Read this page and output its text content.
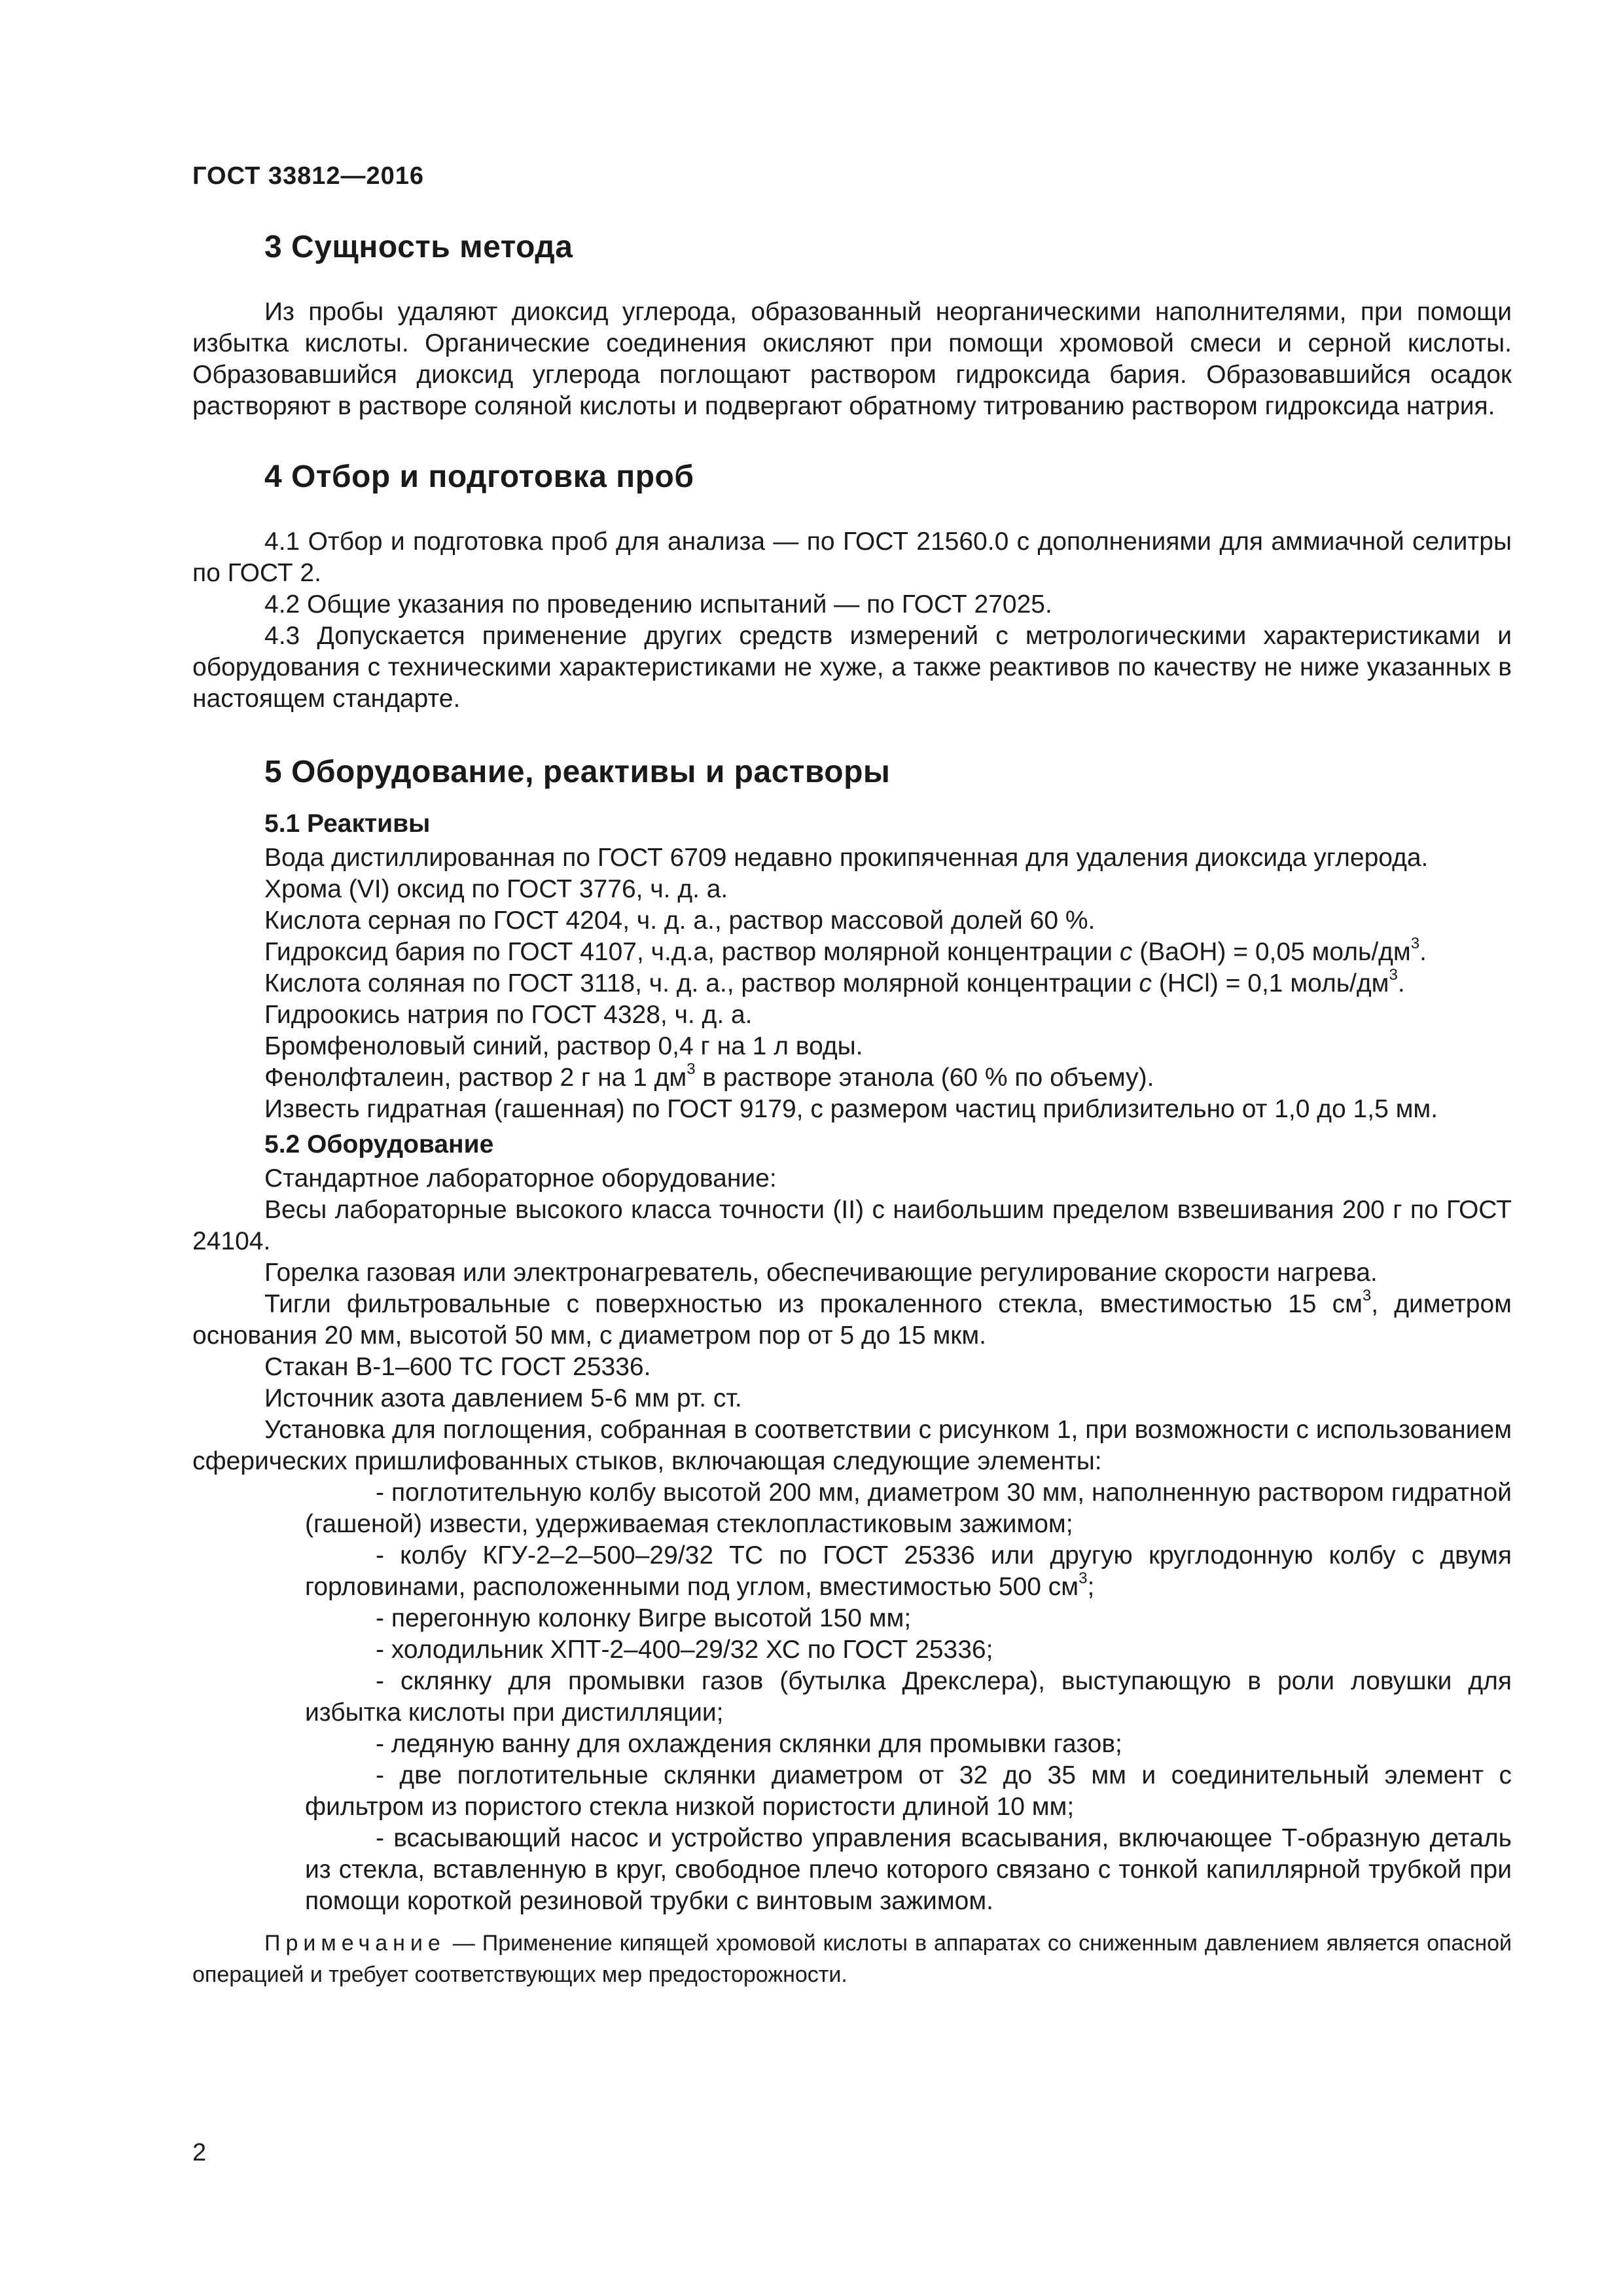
ГОСТ 33812—2016
3 Сущность метода

Из пробы удаляют диоксид углерода, образованный неорганическими наполнителями, при помощи избытка кислоты. Органические соединения окисляют при помощи хромовой смеси и серной кислоты. Образовавшийся диоксид углерода поглощают раствором гидроксида бария. Образовавшийся осадок растворяют в растворе соляной кислоты и подвергают обратному титрованию раствором гидроксида натрия.

4 Отбор и подготовка проб

4.1 Отбор и подготовка проб для анализа — по ГОСТ 21560.0 с дополнениями для аммиачной селитры по ГОСТ 2.

4.2 Общие указания по проведению испытаний — по ГОСТ 27025.

4.3 Допускается применение других средств измерений с метрологическими характеристиками и оборудования с техническими характеристиками не хуже, а также реактивов по качеству не ниже указанных в настоящем стандарте.

5 Оборудование, реактивы и растворы
5.1 Реактивы

Вода дистиллированная по ГОСТ 6709 недавно прокипяченная для удаления диоксида углерода.

Хрома (VI) оксид по ГОСТ 3776, ч. д. а.

Кислота серная по ГОСТ 4204, ч. д. а., раствор массовой долей 60 %.

Гидроксид бария по ГОСТ 4107, ч.д.а, раствор молярной концентрации c (BaOH) = 0,05 моль/$дм^3$.

Кислота соляная по ГОСТ 3118, ч. д. а., раствор молярной концентрации c (HCl) = 0,1 моль/$дм^3$.

Гидроокись натрия по ГОСТ 4328, ч. д. а.

Бромфеноловый синий, раствор 0,4 г на 1 л воды.

Фенолфталеин, раствор 2 г на 1 $дм^3$ в растворе этанола (60 % по объему).

Известь гидратная (гашенная) по ГОСТ 9179, с размером частиц приблизительно от 1,0 до 1,5 мм.

5.2 Оборудование

Стандартное лабораторное оборудование:

Весы лабораторные высокого класса точности (II) с наибольшим пределом взвешивания 200 г по ГОСТ 24104.

Горелка газовая или электронагреватель, обеспечивающие регулирование скорости нагрева.

Тигли фильтровальные с поверхностью из прокаленного стекла, вместимостью 15 $см^3$, диметром основания 20 мм, высотой 50 мм, с диаметром пор от 5 до 15 мкм.

Стакан В-1–600 ТС ГОСТ 25336.

Источник азота давлением 5-6 мм рт. ст.

Установка для поглощения, собранная в соответствии с рисунком 1, при возможности с использованием сферических пришлифованных стыков, включающая следующие элементы:

- поглотительную колбу высотой 200 мм, диаметром 30 мм, наполненную раствором гидратной (гашеной) извести, удерживаемая стеклопластиковым зажимом;

- колбу КГУ-2–2–500–29/32 ТС по ГОСТ 25336 или другую круглодонную колбу с двумя горловинами, расположенными под углом, вместимостью 500 $см^3$;

- перегонную колонку Вигре высотой 150 мм;

- холодильник ХПТ-2–400–29/32 ХС по ГОСТ 25336;

- склянку для промывки газов (бутылка Дрекслера), выступающую в роли ловушки для избытка кислоты при дистилляции;

- ледяную ванну для охлаждения склянки для промывки газов;

- две поглотительные склянки диаметром от 32 до 35 мм и соединительный элемент с фильтром из пористого стекла низкой пористости длиной 10 мм;

- всасывающий насос и устройство управления всасывания, включающее Т-образную деталь из стекла, вставленную в круг, свободное плечо которого связано с тонкой капиллярной трубкой при помощи короткой резиновой трубки с винтовым зажимом.

Примечание — Применение кипящей хромовой кислоты в аппаратах со сниженным давлением является опасной операцией и требует соответствующих мер предосторожности.

2
